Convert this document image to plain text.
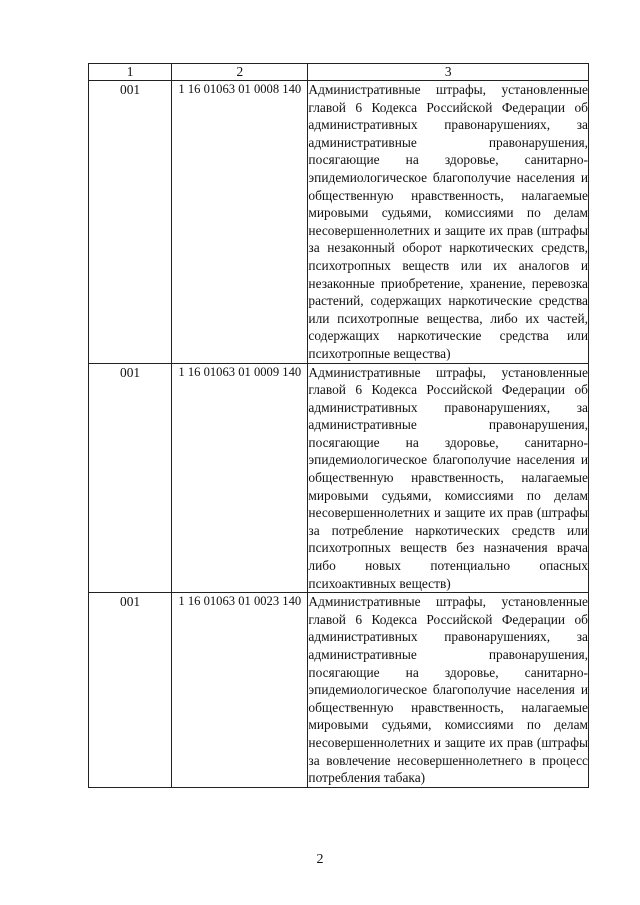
1	2	3
001	1 16 01063 01 0008 140	Административные штрафы, установленные главой 6 Кодекса Российской Федерации об административных правонарушениях, за административные правонарушения, посягающие на здоровье, санитарно-эпидемиологическое благополучие населения и общественную нравственность, налагаемые мировыми судьями, комиссиями по делам несовершеннолетних и защите их прав (штрафы за незаконный оборот наркотических средств, психотропных веществ или их аналогов и незаконные приобретение, хранение, перевозка растений, содержащих наркотические средства или психотропные вещества, либо их частей, содержащих наркотические средства или психотропные вещества)
001	1 16 01063 01 0009 140	Административные штрафы, установленные главой 6 Кодекса Российской Федерации об административных правонарушениях, за административные правонарушения, посягающие на здоровье, санитарно-эпидемиологическое благополучие населения и общественную нравственность, налагаемые мировыми судьями, комиссиями по делам несовершеннолетних и защите их прав (штрафы за потребление наркотических средств или психотропных веществ без назначения врача либо новых потенциально опасных психоактивных веществ)
001	1 16 01063 01 0023 140	Административные штрафы, установленные главой 6 Кодекса Российской Федерации об административных правонарушениях, за административные правонарушения, посягающие на здоровье, санитарно-эпидемиологическое благополучие населения и общественную нравственность, налагаемые мировыми судьями, комиссиями по делам несовершеннолетних и защите их прав (штрафы за вовлечение несовершеннолетнего в процесс потребления табака)
2
